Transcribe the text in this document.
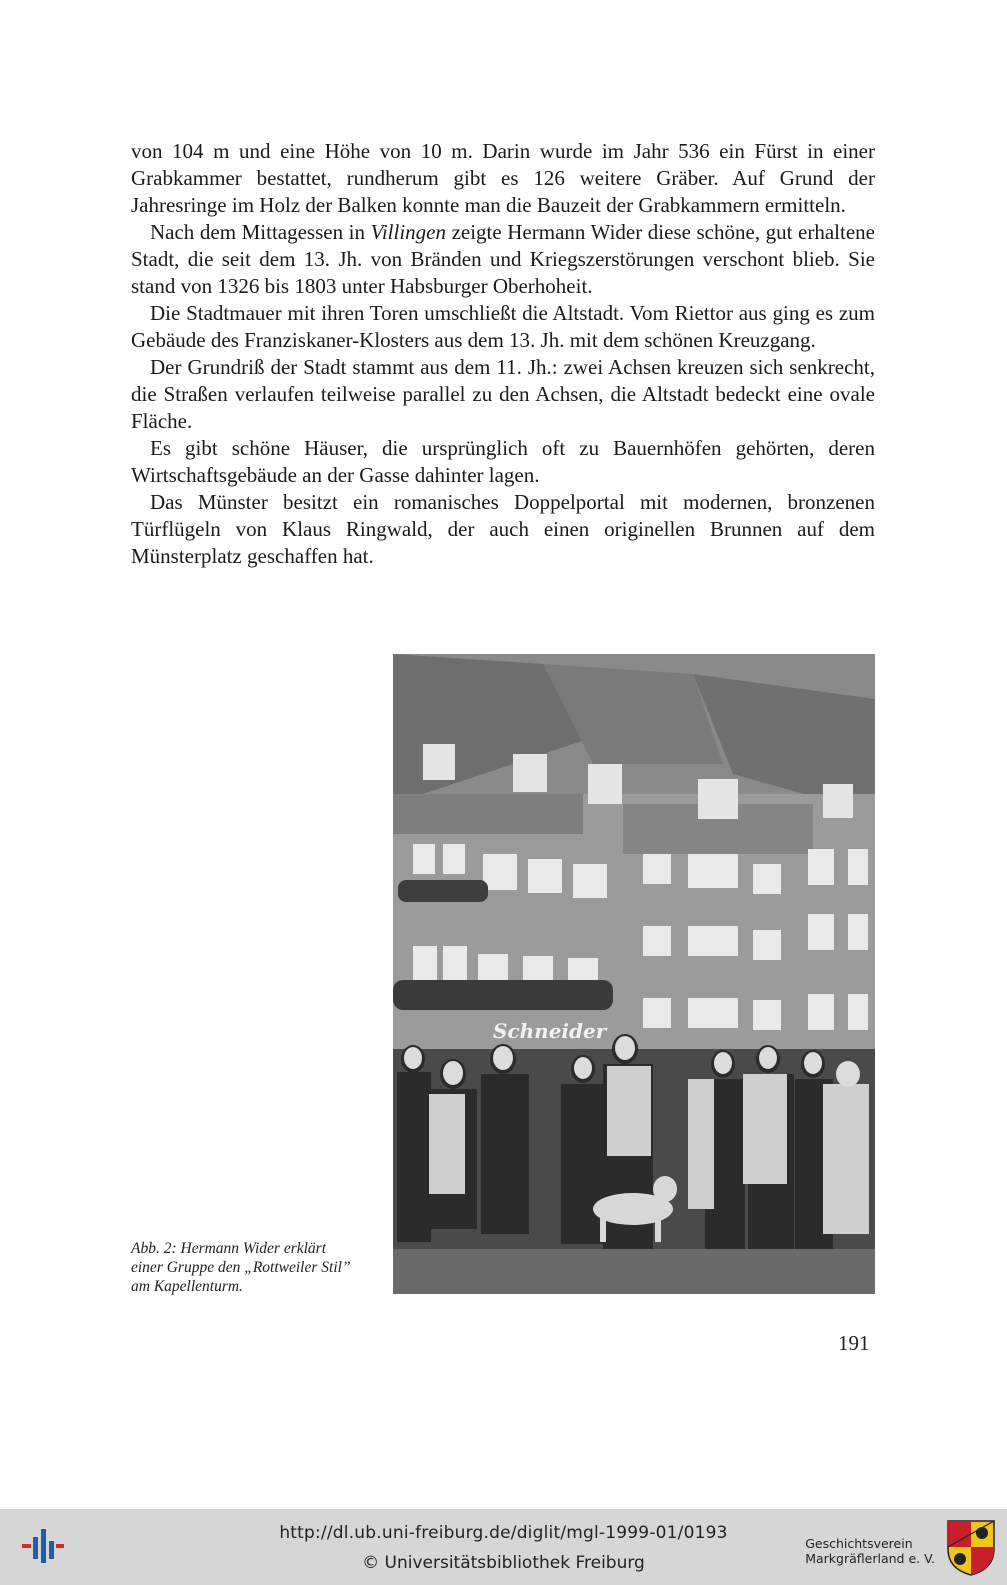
von 104 m und eine Höhe von 10 m. Darin wurde im Jahr 536 ein Fürst in einer Grabkammer bestattet, rundherum gibt es 126 weitere Gräber. Auf Grund der Jahresringe im Holz der Balken konnte man die Bauzeit der Grabkammern ermitteln.

Nach dem Mittagessen in Villingen zeigte Hermann Wider diese schöne, gut erhaltene Stadt, die seit dem 13. Jh. von Bränden und Kriegszerstörungen verschont blieb. Sie stand von 1326 bis 1803 unter Habsburger Oberhoheit.

Die Stadtmauer mit ihren Toren umschließt die Altstadt. Vom Riettor aus ging es zum Gebäude des Franziskaner-Klosters aus dem 13. Jh. mit dem schönen Kreuzgang.

Der Grundriß der Stadt stammt aus dem 11. Jh.: zwei Achsen kreuzen sich senkrecht, die Straßen verlaufen teilweise parallel zu den Achsen, die Altstadt bedeckt eine ovale Fläche.

Es gibt schöne Häuser, die ursprünglich oft zu Bauernhöfen gehörten, deren Wirtschaftsgebäude an der Gasse dahinter lagen.

Das Münster besitzt ein romanisches Doppelportal mit modernen, bronzenen Türflügeln von Klaus Ringwald, der auch einen originellen Brunnen auf dem Münsterplatz geschaffen hat.

Schneider
Abb. 2: Hermann Wider erklärt
einer Gruppe den „Rottweiler Stil”
am Kapellenturm.
191
http://dl.ub.uni-freiburg.de/diglit/mgl-1999-01/0193
© Universitätsbibliothek Freiburg
Geschichtsverein
Markgräflerland e. V.
